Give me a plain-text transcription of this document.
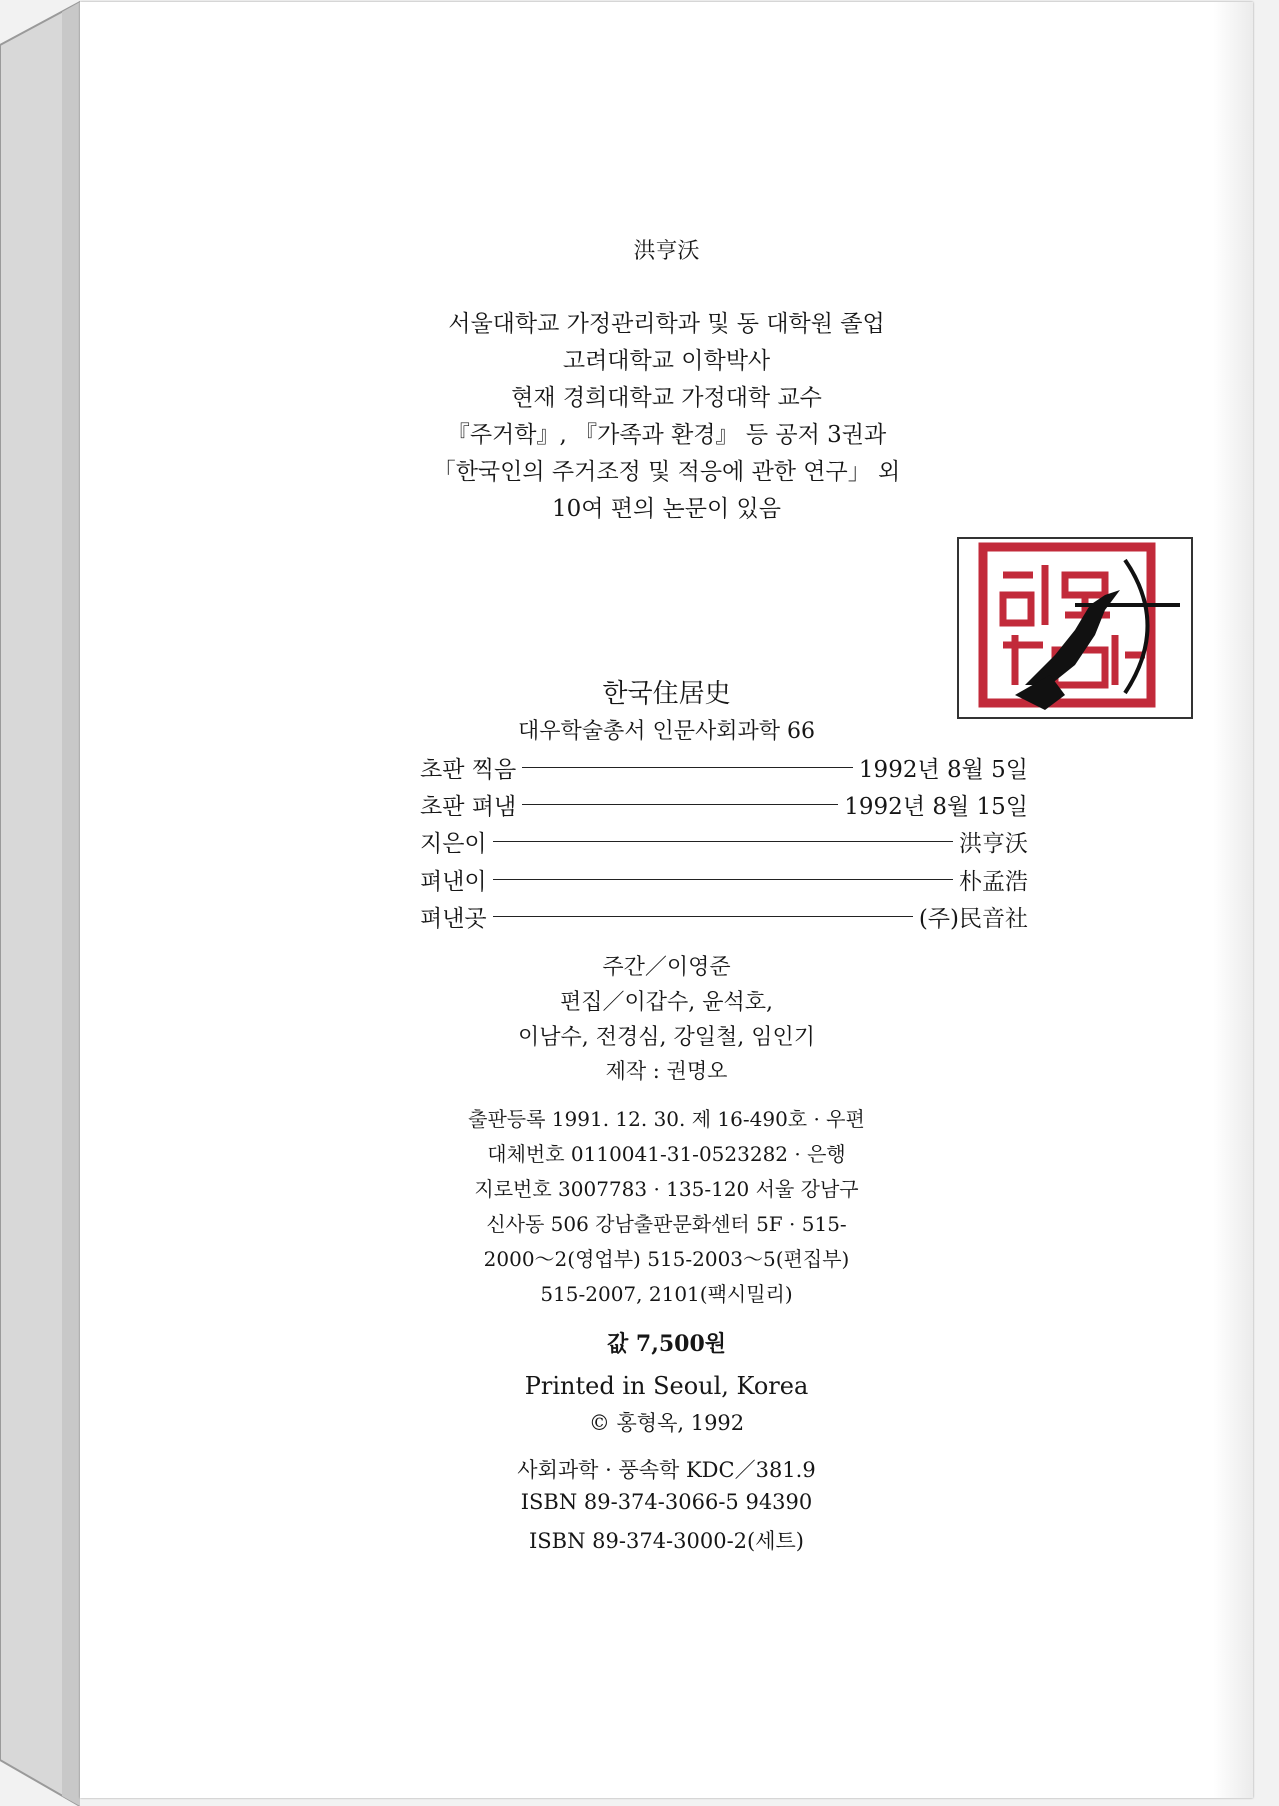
洪亨沃
서울대학교 가정관리학과 및 동 대학원 졸업
고려대학교 이학박사
현재 경희대학교 가정대학 교수
『주거학』, 『가족과 환경』 등 공저 3권과
「한국인의 주거조정 및 적응에 관한 연구」 외
10여 편의 논문이 있음
한국住居史
대우학술총서 인문사회과학 66
초판 찍음	1992년 8월 5일
초판 펴냄	1992년 8월 15일
지은이	洪亨沃
펴낸이	朴孟浩
펴낸곳	(주)民音社
주간／이영준
편집／이갑수, 윤석호,
이남수, 전경심, 강일철, 임인기
제작 : 권명오
출판등록 1991. 12. 30. 제 16-490호 · 우편
대체번호 0110041-31-0523282 · 은행
지로번호 3007783 · 135-120 서울 강남구
신사동 506 강남출판문화센터 5F · 515-
2000～2(영업부) 515-2003～5(편집부)
515-2007, 2101(팩시밀리)
값 7,500원
Printed in Seoul, Korea
© 홍형옥, 1992
사회과학 · 풍속학 KDC／381.9
ISBN 89-374-3066-5 94390
ISBN 89-374-3000-2(세트)
